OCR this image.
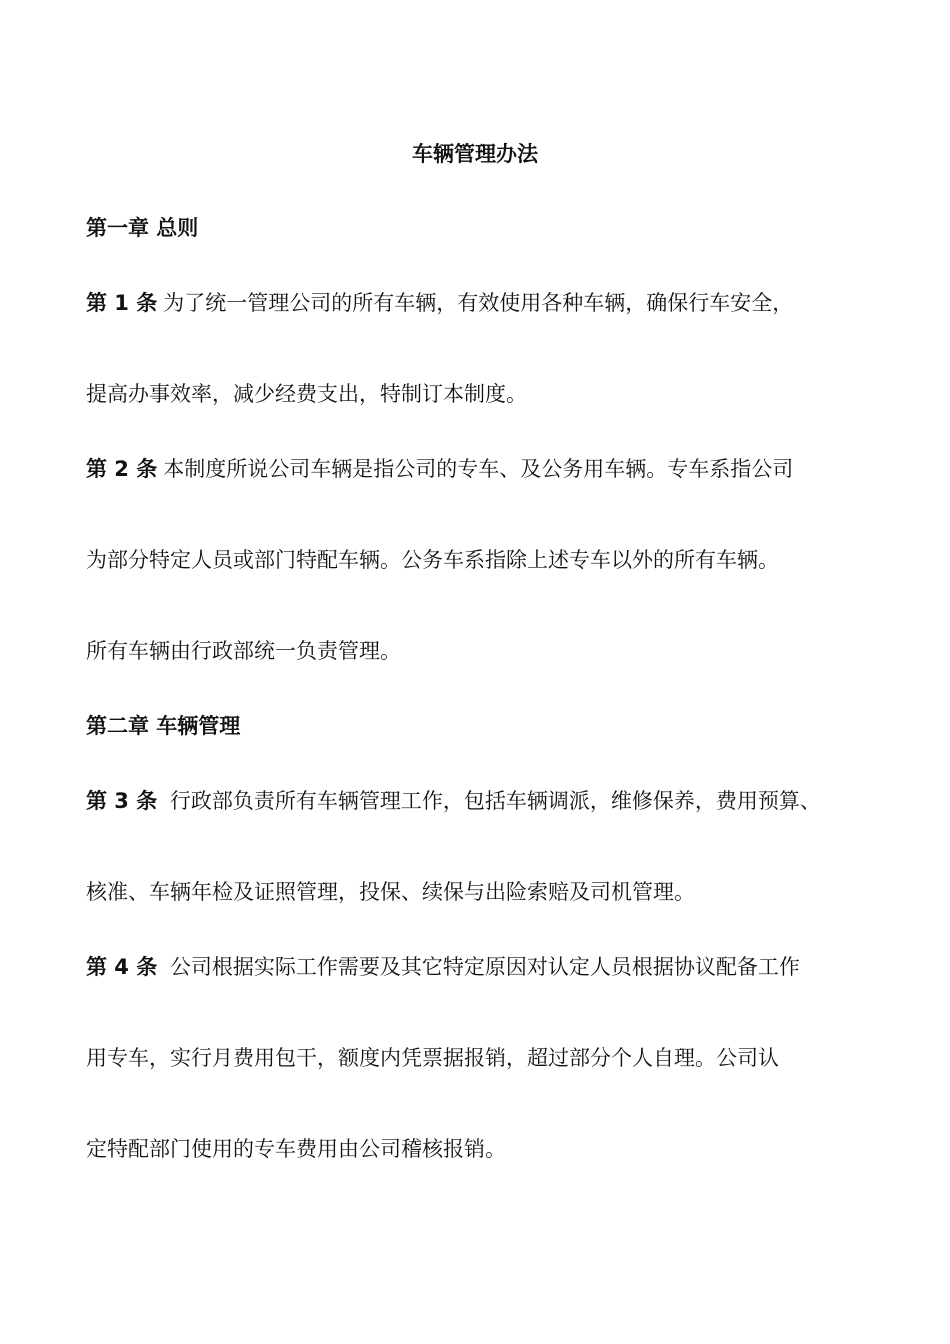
车辆管理办法
第一章 总则
第 1 条 为了统一管理公司的所有车辆，有效使用各种车辆，确保行车安全，
提高办事效率，减少经费支出，特制订本制度。
第 2 条 本制度所说公司车辆是指公司的专车、及公务用车辆。专车系指公司
为部分特定人员或部门特配车辆。公务车系指除上述专车以外的所有车辆。
所有车辆由行政部统一负责管理。
第二章 车辆管理
第 3 条 行政部负责所有车辆管理工作，包括车辆调派，维修保养，费用预算、
核准、车辆年检及证照管理，投保、续保与出险索赔及司机管理。
第 4 条 公司根据实际工作需要及其它特定原因对认定人员根据协议配备工作
用专车，实行月费用包干，额度内凭票据报销，超过部分个人自理。公司认
定特配部门使用的专车费用由公司稽核报销。
